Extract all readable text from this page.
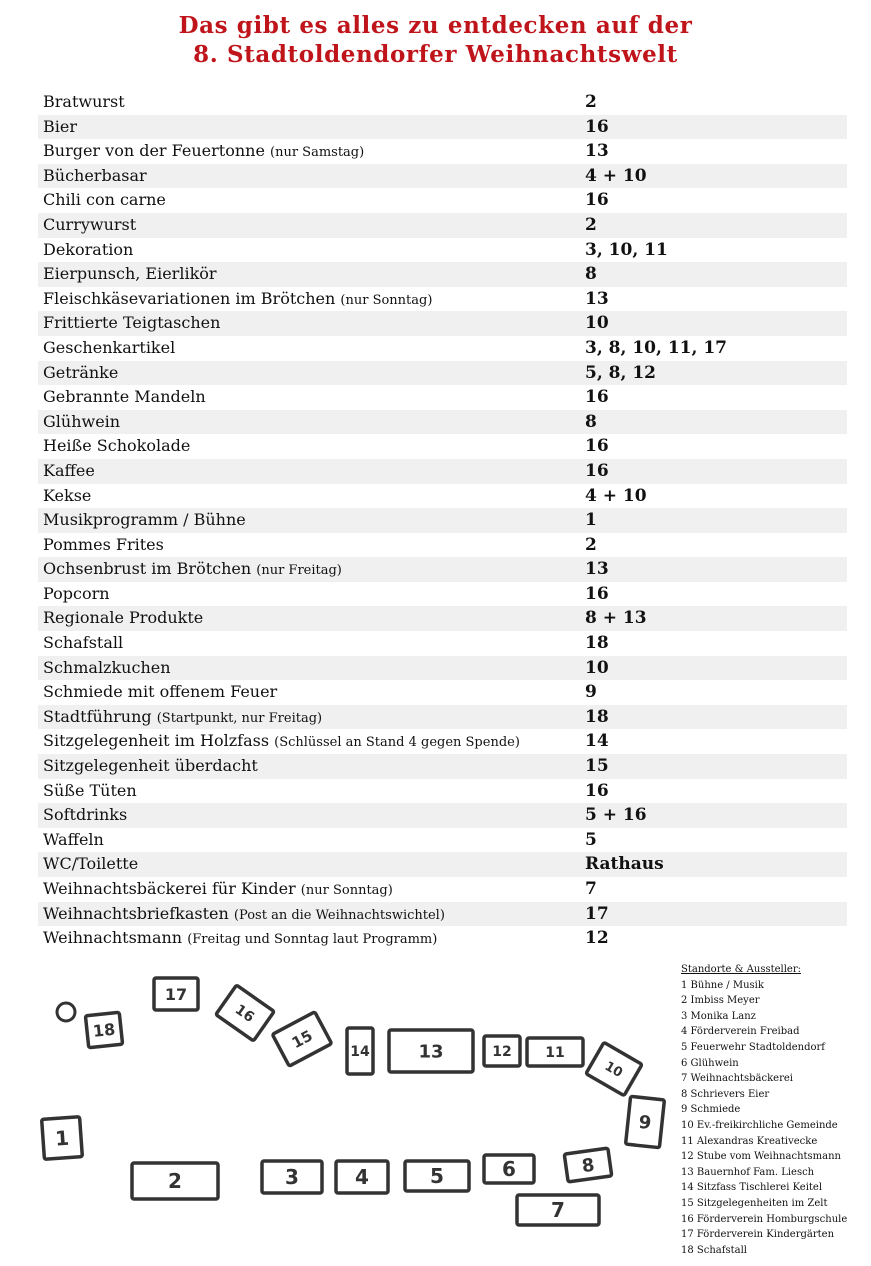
Das gibt es alles zu entdecken auf der
8. Stadtoldendorfer Weihnachtswelt
Bratwurst	2
Bier	16
Burger von der Feuertonne (nur Samstag)	13
Bücherbasar	4 + 10
Chili con carne	16
Currywurst	2
Dekoration	3, 10, 11
Eierpunsch, Eierlikör	8
Fleischkäsevariationen im Brötchen (nur Sonntag)	13
Frittierte Teigtaschen	10
Geschenkartikel	3, 8, 10, 11, 17
Getränke	5, 8, 12
Gebrannte Mandeln	16
Glühwein	8
Heiße Schokolade	16
Kaffee	16
Kekse	4 + 10
Musikprogramm / Bühne	1
Pommes Frites	2
Ochsenbrust im Brötchen (nur Freitag)	13
Popcorn	16
Regionale Produkte	8 + 13
Schafstall	18
Schmalzkuchen	10
Schmiede mit offenem Feuer	9
Stadtführung (Startpunkt, nur Freitag)	18
Sitzgelegenheit im Holzfass (Schlüssel an Stand 4 gegen Spende)	14
Sitzgelegenheit überdacht	15
Süße Tüten	16
Softdrinks	5 + 16
Waffeln	5
WC/Toilette	Rathaus
Weihnachtsbäckerei für Kinder (nur Sonntag)	7
Weihnachtsbriefkasten (Post an die Weihnachtswichtel)	17
Weihnachtsmann (Freitag und Sonntag laut Programm)	12
1
2	3	4	5	6
7
8
9
10
11
12
13
14
15
16
17
18
Standorte & Aussteller:
1 Bühne / Musik
2 Imbiss Meyer
3 Monika Lanz
4 Förderverein Freibad
5 Feuerwehr Stadtoldendorf
6 Glühwein
7 Weihnachtsbäckerei
8 Schrievers Eier
9 Schmiede
10 Ev.-freikirchliche Gemeinde
11 Alexandras Kreativecke
12 Stube vom Weihnachtsmann
13 Bauernhof Fam. Liesch
14 Sitzfass Tischlerei Keitel
15 Sitzgelegenheiten im Zelt
16 Förderverein Homburgschule
17 Förderverein Kindergärten
18 Schafstall
